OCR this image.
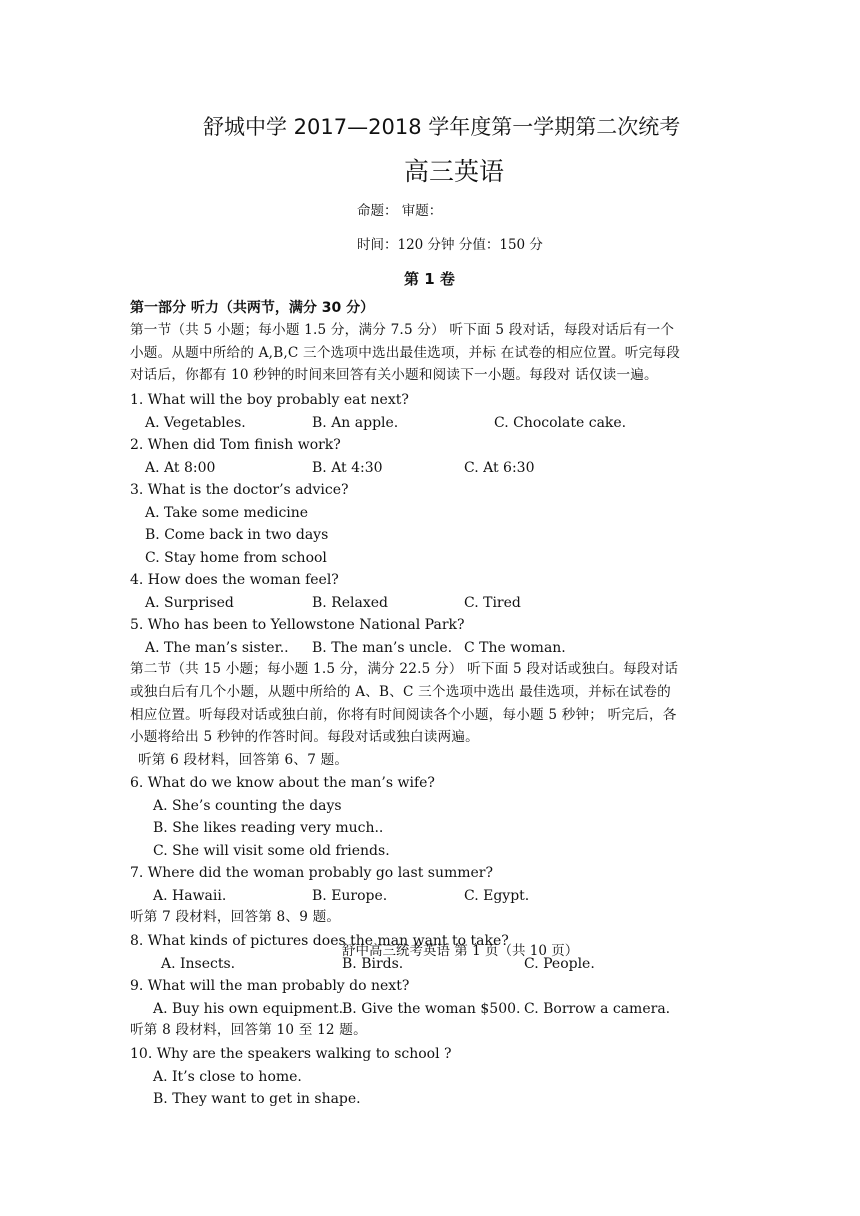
舒城中学 2017—2018 学年度第一学期第二次统考
高三英语
命题： 审题：
时间：120 分钟 分值：150 分
第 1 卷
第一部分 听力（共两节，满分 30 分）
第一节（共 5 小题；每小题 1.5 分，满分 7.5 分） 听下面 5 段对话，每段对话后有一个
小题。从题中所给的 A,B,C 三个选项中选出最佳选项，并标 在试卷的相应位置。听完每段
对话后，你都有 10 秒钟的时间来回答有关小题和阅读下一小题。每段对 话仅读一遍。
1. What will the boy probably eat next?
A. Vegetables.	B. An apple.	C. Chocolate cake.
2. When did Tom finish work?
A. At 8:00	B. At 4:30	C. At 6:30
3. What is the doctor’s advice?
A. Take some medicine
B. Come back in two days
C. Stay home from school
4. How does the woman feel?
A. Surprised	B. Relaxed	C. Tired
5. Who has been to Yellowstone National Park?
A. The man’s sister.. B. The man’s uncle. C The woman.
第二节（共 15 小题；每小题 1.5 分，满分 22.5 分） 听下面 5 段对话或独白。每段对话
或独白后有几个小题，从题中所给的 A、B、C 三个选项中选出 最佳选项，并标在试卷的
相应位置。听每段对话或独白前，你将有时间阅读各个小题，每小题 5 秒钟； 听完后，各
小题将给出 5 秒钟的作答时间。每段对话或独白读两遍。
听第 6 段材料，回答第 6、7 题。
6. What do we know about the man’s wife?
A. She’s counting the days
B. She likes reading very much..
C. She will visit some old friends.
7. Where did the woman probably go last summer?
A. Hawaii.	B. Europe.	C. Egypt.
听第 7 段材料，回答第 8、9 题。
8. What kinds of pictures does the man want to take?
舒中高三统考英语 第 1 页（共 10 页）
A. Insects.	B. Birds.	C. People.
9. What will the man probably do next?
A. Buy his own equipment.
B. Give the woman $500. C. Borrow a camera.
听第 8 段材料，回答第 10 至 12 题。
10. Why are the speakers walking to school ?
A. It’s close to home.
B. They want to get in shape.
